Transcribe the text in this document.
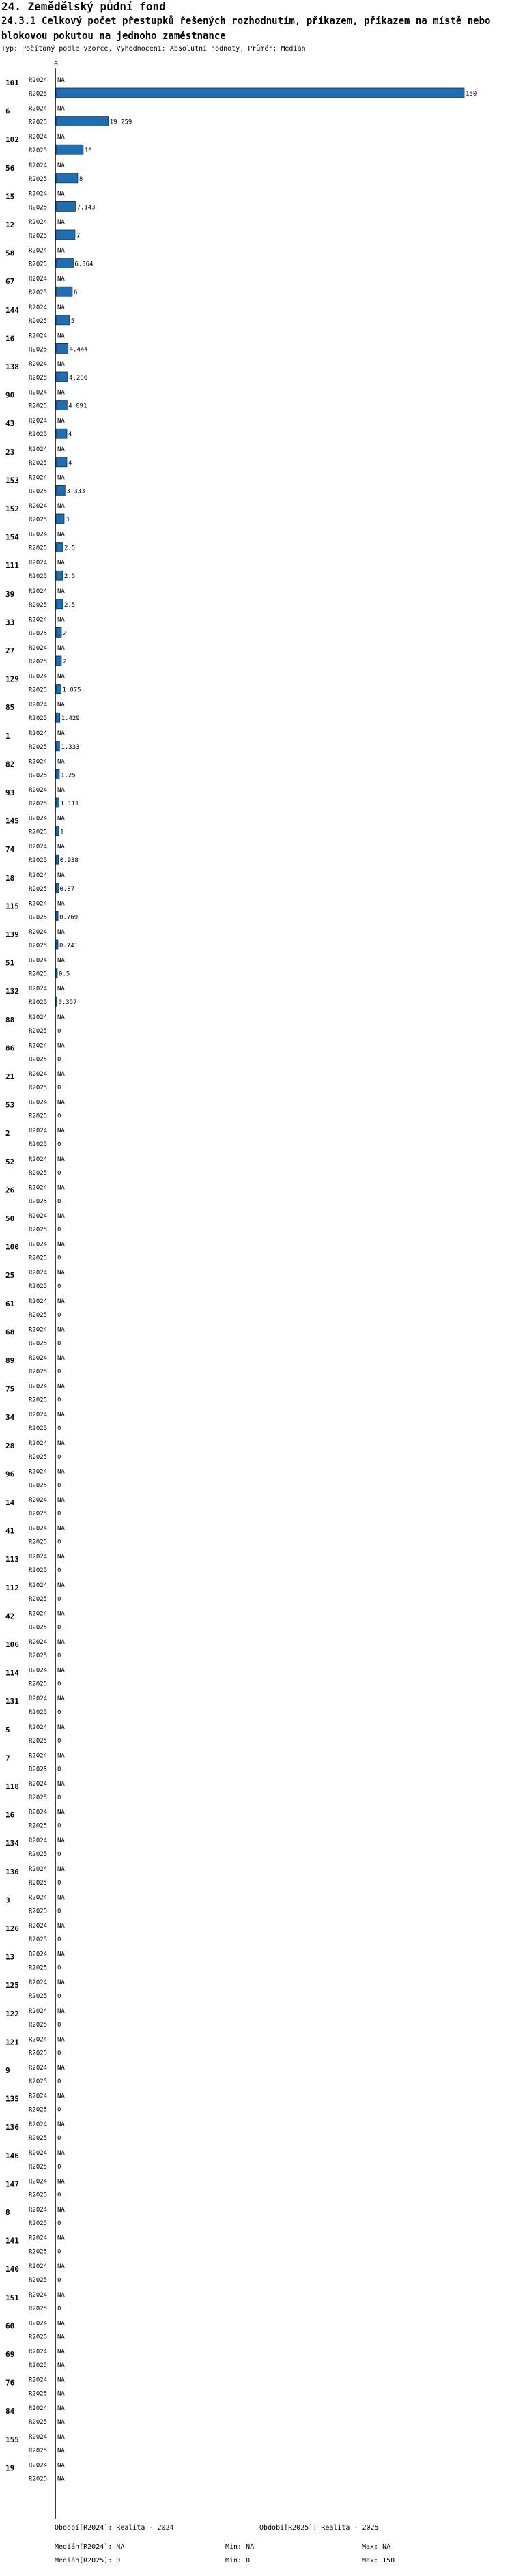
24. Zemědělský půdní fond
24.3.1 Celkový počet přestupků řešených rozhodnutím, příkazem, příkazem na místě nebo blokovou pokutou na jednoho zaměstnance
Typ: Počítaný podle vzorce, Vyhodnocení: Absolutní hodnoty, Průměr: Medián
0
101 R2024
R2025
NA
150
6	R2024
R2025
NA
19.259
102 R2024
R2025
NA
10
56 R2024
R2025
NA
8
15 R2024
R2025
NA
7.143
12 R2024
R2025
NA
7
58 R2024
R2025
NA
6.364
67 R2024
R2025
NA
6
144 R2024
R2025
NA
5
16 R2024
R2025
NA
4.444
138 R2024
R2025
NA
4.286
90 R2024
R2025
NA
4.091
43 R2024
R2025
NA
4
23 R2024
R2025
NA
4
153 R2024
R2025
NA
3.333
152 R2024
R2025
NA
3
154 R2024
R2025
NA
2.5
111 R2024
R2025
NA
2.5
39 R2024
R2025
NA
2.5
33 R2024
R2025
NA
2
27 R2024
R2025
NA
2
129 R2024
R2025
NA
1.875
85 R2024
R2025
NA
1.429
1	R2024
R2025
NA
1.333
82 R2024
R2025
NA
1.25
93 R2024
R2025
NA
1.111
145 R2024
R2025
NA
1
74 R2024
R2025
NA
0.938
18 R2024
R2025
NA
0.87
115 R2024
R2025
NA
0.769
139 R2024
R2025
NA
0.741
51 R2024
R2025
NA
0.5
132 R2024
R2025
NA
0.357
88 R2024
R2025
NA
0
86 R2024
R2025
NA
0
21 R2024
R2025
NA
0
53 R2024
R2025
NA
0
2	R2024
R2025
NA
0
52 R2024
R2025
NA
0
26 R2024
R2025
NA
0
50 R2024
R2025
NA
0
100 R2024
R2025
NA
0
25 R2024
R2025
NA
0
61 R2024
R2025
NA
0
68 R2024
R2025
NA
0
89 R2024
R2025
NA
0
75 R2024
R2025
NA
0
34 R2024
R2025
NA
0
28 R2024
R2025
NA
0
96 R2024
R2025
NA
0
14 R2024
R2025
NA
0
41 R2024
R2025
NA
0
113 R2024
R2025
NA
0
112 R2024
R2025
NA
0
42 R2024
R2025
NA
0
106 R2024
R2025
NA
0
114 R2024
R2025
NA
0
131 R2024
R2025
NA
0
5	R2024
R2025
NA
0
7	R2024
R2025
NA
0
118 R2024
R2025
NA
0
16 R2024
R2025
NA
0
134 R2024
R2025
NA
0
130 R2024
R2025
NA
0
3	R2024
R2025
NA
0
126 R2024
R2025
NA
0
13 R2024
R2025
NA
0
125 R2024
R2025
NA
0
122 R2024
R2025
NA
0
121 R2024
R2025
NA
0
9	R2024
R2025
NA
0
135 R2024
R2025
NA
0
136 R2024
R2025
NA
0
146 R2024
R2025
NA
0
147 R2024
R2025
NA
0
8	R2024
R2025
NA
0
141 R2024
R2025
NA
0
140 R2024
R2025
NA
0
151 R2024
R2025
NA
0
60 R2024
R2025
NA
NA
69 R2024
R2025
NA
NA
76 R2024
R2025
NA
NA
84 R2024
R2025
NA
NA
155 R2024
R2025
NA
NA
19 R2024
R2025
NA
NA
Období[R2024]: Realita - 2024	Období[R2025]: Realita - 2025
Medián[R2024]: NA	Min: NA	Max: NA
Medián[R2025]: 0	Min: 0	Max: 150
